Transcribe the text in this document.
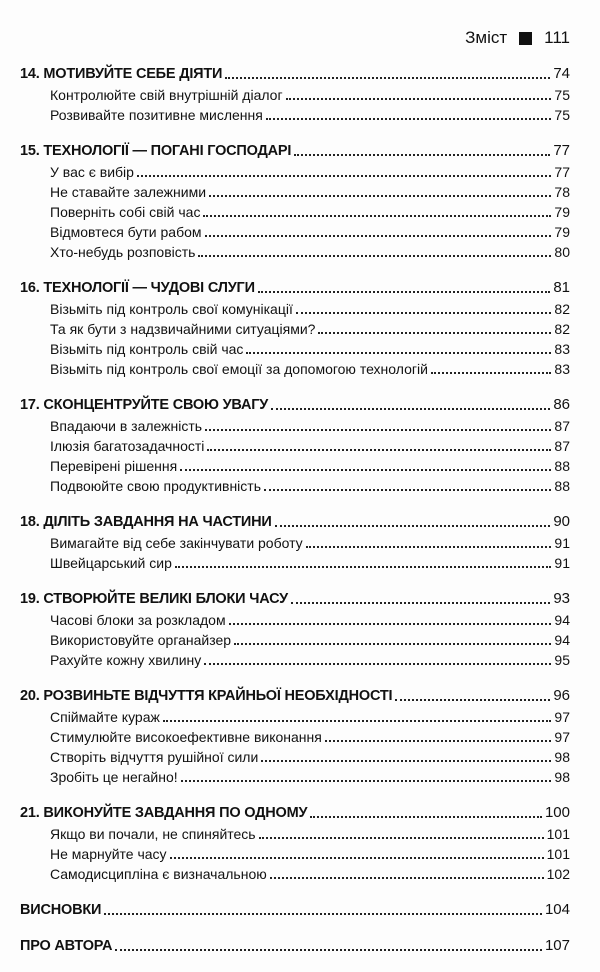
Зміст 111
14. МОТИВУЙТЕ СЕБЕ ДІЯТИ	74
Контролюйте свій внутрішній діалог	75
Розвивайте позитивне мислення	75
15. ТЕХНОЛОГІЇ — ПОГАНІ ГОСПОДАРІ	77
У вас є вибір	77
Не ставайте залежними	78
Поверніть собі свій час	79
Відмовтеся бути рабом	79
Хто-небудь розповість	80
16. ТЕХНОЛОГІЇ — ЧУДОВІ СЛУГИ	81
Візьміть під контроль свої комунікації	82
Та як бути з надзвичайними ситуаціями?	82
Візьміть під контроль свій час	83
Візьміть під контроль свої емоції за допомогою технологій	83
17. СКОНЦЕНТРУЙТЕ СВОЮ УВАГУ	86
Впадаючи в залежність	87
Ілюзія багатозадачності	87
Перевірені рішення	88
Подвоюйте свою продуктивність	88
18. ДІЛІТЬ ЗАВДАННЯ НА ЧАСТИНИ	90
Вимагайте від себе закінчувати роботу	91
Швейцарський сир	91
19. СТВОРЮЙТЕ ВЕЛИКІ БЛОКИ ЧАСУ	93
Часові блоки за розкладом	94
Використовуйте органайзер	94
Рахуйте кожну хвилину	95
20. РОЗВИНЬТЕ ВІДЧУТТЯ КРАЙНЬОЇ НЕОБХІДНОСТІ	96
Спіймайте кураж	97
Стимулюйте високоефективне виконання	97
Створіть відчуття рушійної сили	98
Зробіть це негайно!	98
21. ВИКОНУЙТЕ ЗАВДАННЯ ПО ОДНОМУ	100
Якщо ви почали, не спиняйтесь	101
Не марнуйте часу	101
Самодисципліна є визначальною	102
ВИСНОВКИ	104
ПРО АВТОРА	107
